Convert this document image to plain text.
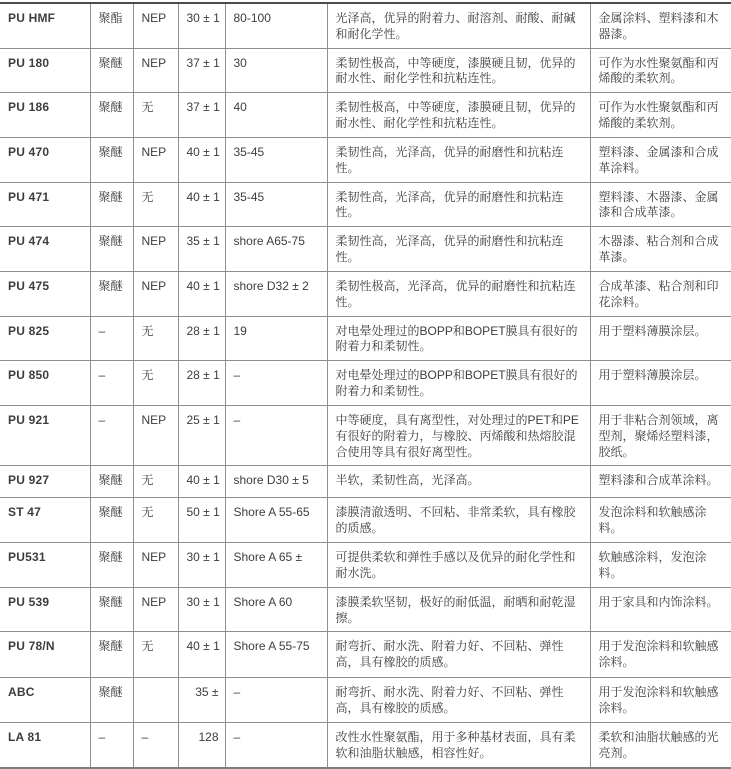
PU HMF	聚酯	NEP	30 ± 1	80-100	光泽高，优异的附着力、耐溶剂、耐酸、耐碱和耐化学性。	金属涂料、塑料漆和木器漆。
PU 180	聚醚	NEP	37 ± 1	30	柔韧性极高，中等硬度，漆膜硬且韧，优异的耐水性、耐化学性和抗粘连性。	可作为水性聚氨酯和丙烯酸的柔软剂。
PU 186	聚醚	无	37 ± 1	40	柔韧性极高，中等硬度，漆膜硬且韧，优异的耐水性、耐化学性和抗粘连性。	可作为水性聚氨酯和丙烯酸的柔软剂。
PU 470	聚醚	NEP	40 ± 1	35-45	柔韧性高，光泽高，优异的耐磨性和抗粘连性。	塑料漆、金属漆和合成革涂料。
PU 471	聚醚	无	40 ± 1	35-45	柔韧性高，光泽高，优异的耐磨性和抗粘连性。	塑料漆、木器漆、金属漆和合成革漆。
PU 474	聚醚	NEP	35 ± 1	shore A65-75	柔韧性高，光泽高，优异的耐磨性和抗粘连性。	木器漆、粘合剂和合成革漆。
PU 475	聚醚	NEP	40 ± 1	shore D32 ± 2	柔韧性极高，光泽高，优异的耐磨性和抗粘连性。	合成革漆、粘合剂和印花涂料。
PU 825	–	无	28 ± 1	19	对电晕处理过的BOPP和BOPET膜具有很好的附着力和柔韧性。	用于塑料薄膜涂层。
PU 850	–	无	28 ± 1	–	对电晕处理过的BOPP和BOPET膜具有很好的附着力和柔韧性。	用于塑料薄膜涂层。
PU 921	–	NEP	25 ± 1	–	中等硬度，具有离型性，对处理过的PET和PE有很好的附着力，与橡胶、丙烯酸和热熔胶混合使用等具有很好离型性。	用于非粘合剂领域，离型剂，聚烯烃塑料漆，胶纸。
PU 927	聚醚	无	40 ± 1	shore D30 ± 5	半软，柔韧性高，光泽高。	塑料漆和合成革涂料。
ST 47	聚醚	无	50 ± 1	Shore A 55-65	漆膜清澈透明、不回粘、非常柔软，具有橡胶的质感。	发泡涂料和软触感涂料。
PU531	聚醚	NEP	30 ± 1	Shore A 65 ±	可提供柔软和弹性手感以及优异的耐化学性和耐水洗。	软触感涂料，发泡涂料。
PU 539	聚醚	NEP	30 ± 1	Shore A 60	漆膜柔软坚韧，极好的耐低温，耐晒和耐乾湿擦。	用于家具和内饰涂料。
PU 78/N	聚醚	无	40 ± 1	Shore A 55-75	耐弯折、耐水洗、附着力好、不回粘、弹性高，具有橡胶的质感。	用于发泡涂料和软触感涂料。
ABC	聚醚		35 ±	–	耐弯折、耐水洗、附着力好、不回粘、弹性高，具有橡胶的质感。	用于发泡涂料和软触感涂料。
LA 81	–	–	128	–	改性水性聚氨酯，用于多种基材表面，具有柔软和油脂状触感，相容性好。	柔软和油脂状触感的光亮剂。
